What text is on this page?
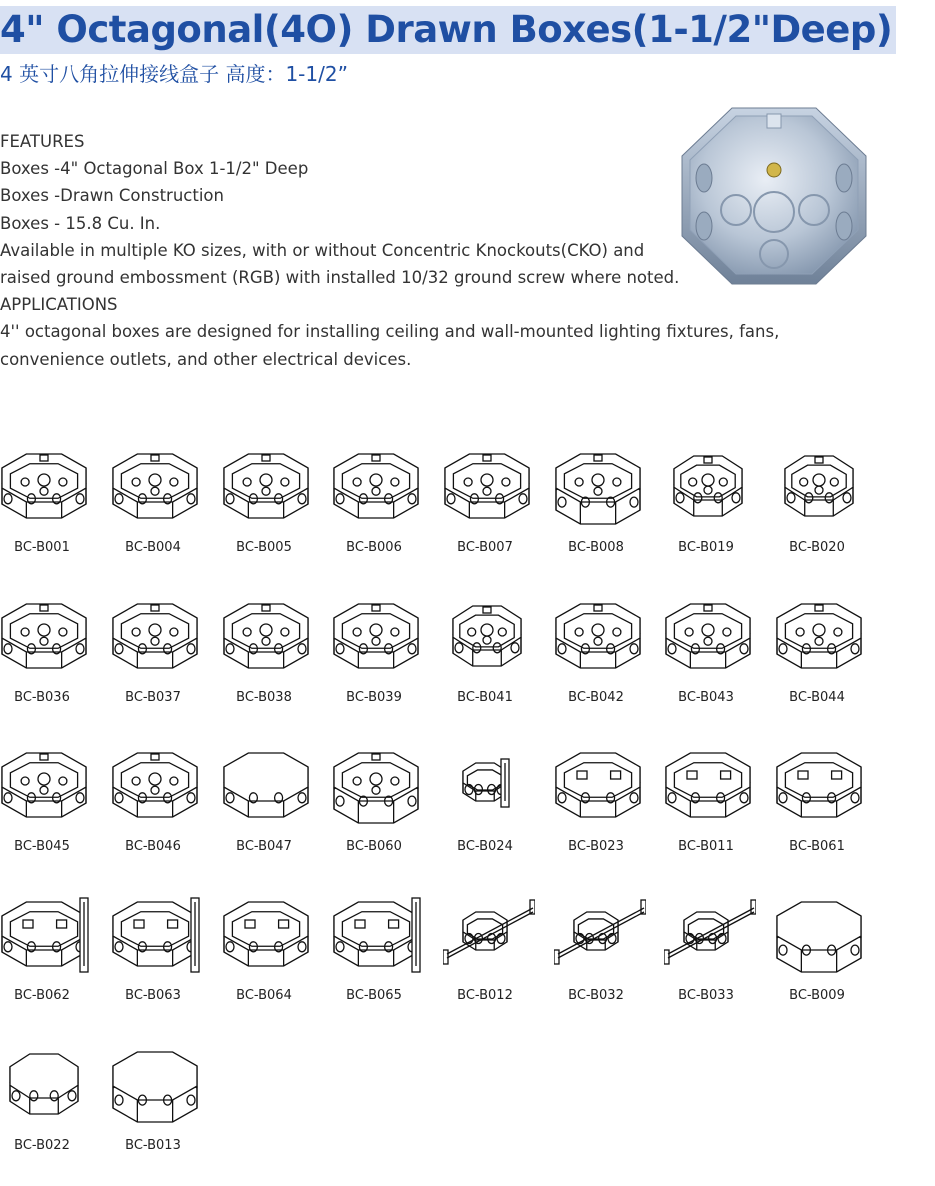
4" Octagonal(4O) Drawn Boxes(1-1/2"Deep)
4 英寸八角拉伸接线盒子 高度：1-1/2”
FEATURES
Boxes -4" Octagonal Box 1-1/2" Deep
Boxes -Drawn Construction
Boxes - 15.8 Cu. In.
Available in multiple KO sizes, with or without Concentric Knockouts(CKO) and
raised ground embossment (RGB) with installed 10/32 ground screw where noted.
APPLICATIONS
4'' octagonal boxes are designed for installing ceiling and wall-mounted lighting fixtures, fans,
convenience outlets, and other electrical devices.
BC-B001	BC-B004	BC-B005	BC-B006	BC-B007	BC-B008	BC-B019	BC-B020
BC-B036	BC-B037	BC-B038	BC-B039	BC-B041	BC-B042	BC-B043	BC-B044
BC-B045	BC-B046	BC-B047	BC-B060	BC-B024	BC-B023	BC-B011	BC-B061
BC-B062	BC-B063	BC-B064	BC-B065	BC-B012	BC-B032	BC-B033	BC-B009
BC-B022	BC-B013
